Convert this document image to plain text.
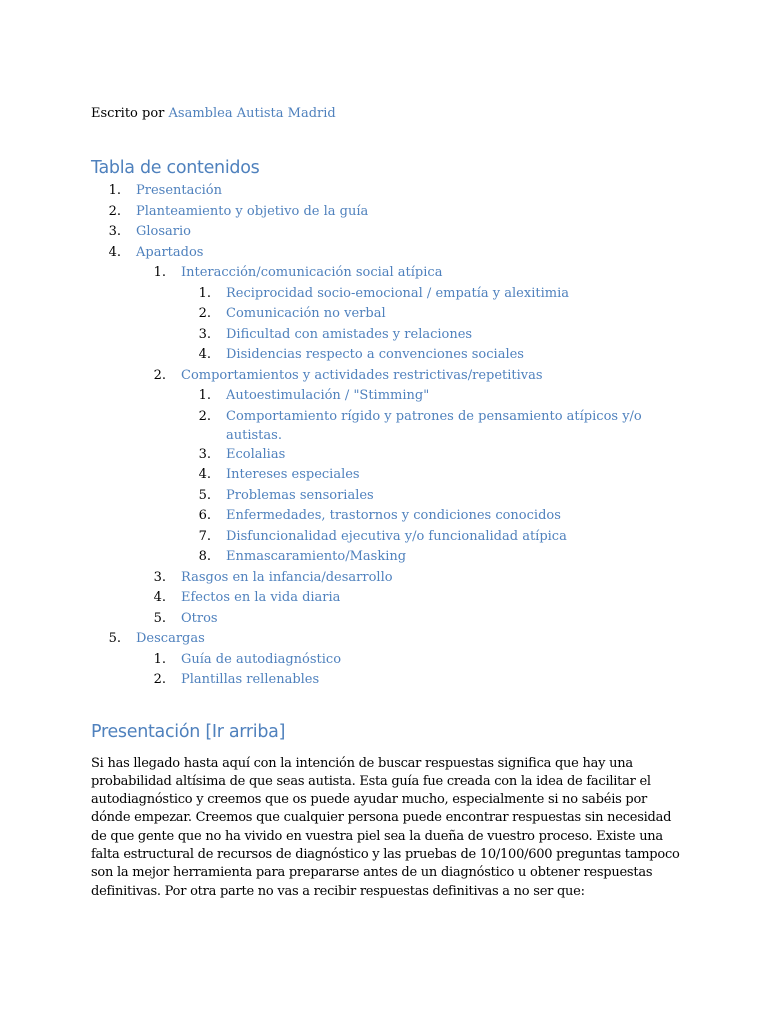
Escrito por Asamblea Autista Madrid

Tabla de contenidos
1. Presentación
2. Planteamiento y objetivo de la guía
3. Glosario
4. Apartados
1. Interacción/comunicación social atípica
1. Reciprocidad socio-emocional / empatía y alexitimia
2. Comunicación no verbal
3. Dificultad con amistades y relaciones
4. Disidencias respecto a convenciones sociales
2. Comportamientos y actividades restrictivas/repetitivas
1. Autoestimulación / "Stimming"
2. Comportamiento rígido y patrones de pensamiento atípicos y/o autistas.
3. Ecolalias
4. Intereses especiales
5. Problemas sensoriales
6. Enfermedades, trastornos y condiciones conocidos
7. Disfuncionalidad ejecutiva y/o funcionalidad atípica
8. Enmascaramiento/Masking
3. Rasgos en la infancia/desarrollo
4. Efectos en la vida diaria
5. Otros
5. Descargas
1. Guía de autodiagnóstico
2. Plantillas rellenables
Presentación [Ir arriba]

Si has llegado hasta aquí con la intención de buscar respuestas significa que hay una probabilidad altísima de que seas autista. Esta guía fue creada con la idea de facilitar el autodiagnóstico y creemos que os puede ayudar mucho, especialmente si no sabéis por dónde empezar. Creemos que cualquier persona puede encontrar respuestas sin necesidad de que gente que no ha vivido en vuestra piel sea la dueña de vuestro proceso. Existe una falta estructural de recursos de diagnóstico y las pruebas de 10/100/600 preguntas tampoco son la mejor herramienta para prepararse antes de un diagnóstico u obtener respuestas definitivas. Por otra parte no vas a recibir respuestas definitivas a no ser que:
